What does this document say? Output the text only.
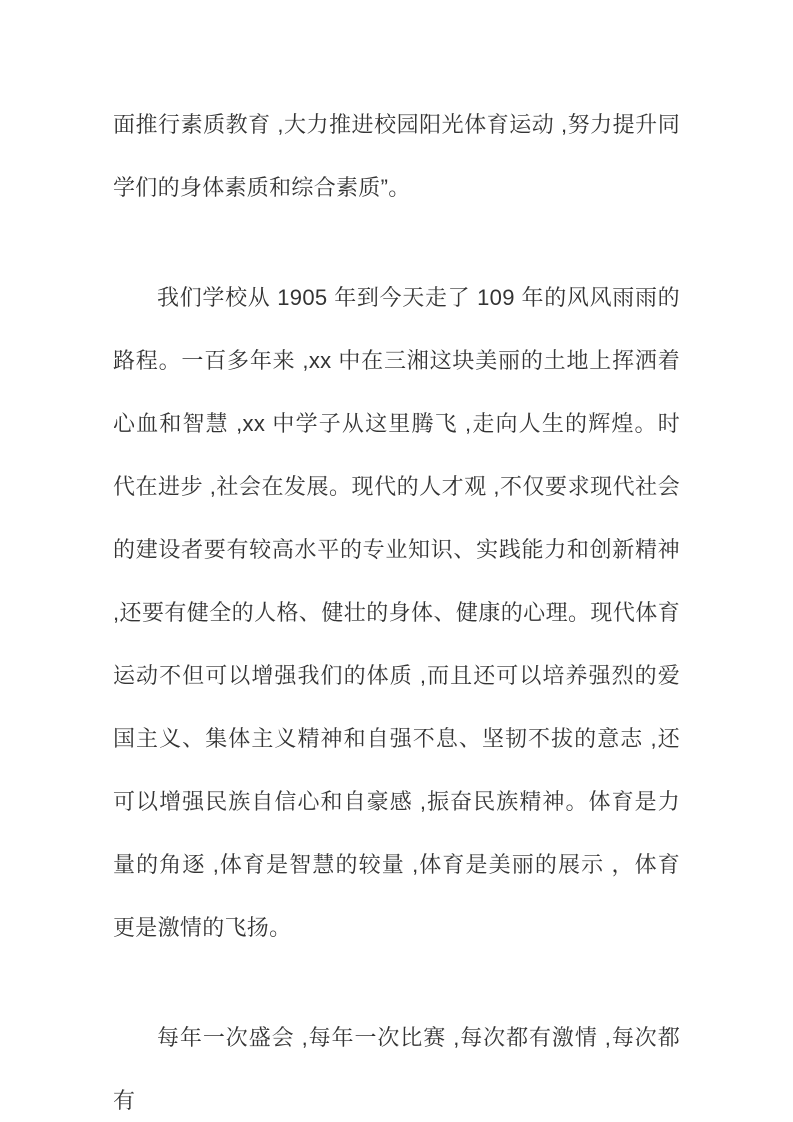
面推行素质教育 ,大力推进校园阳光体育运动 ,努力提升同学们的身体素质和综合素质”。

我们学校从 1905 年到今天走了 109 年的风风雨雨的路程。一百多年来 ,xx 中在三湘这块美丽的土地上挥洒着心血和智慧 ,xx 中学子从这里腾飞 ,走向人生的辉煌。时代在进步 ,社会在发展。现代的人才观 ,不仅要求现代社会的建设者要有较高水平的专业知识、实践能力和创新精神 ,还要有健全的人格、健壮的身体、健康的心理。现代体育运动不但可以增强我们的体质 ,而且还可以培养强烈的爱国主义、集体主义精神和自强不息、坚韧不拔的意志 ,还可以增强民族自信心和自豪感 ,振奋民族精神。体育是力量的角逐 ,体育是智慧的较量 ,体育是美丽的展示 ，体育更是激情的飞扬。

每年一次盛会 ,每年一次比赛 ,每次都有激情 ,每次都有
